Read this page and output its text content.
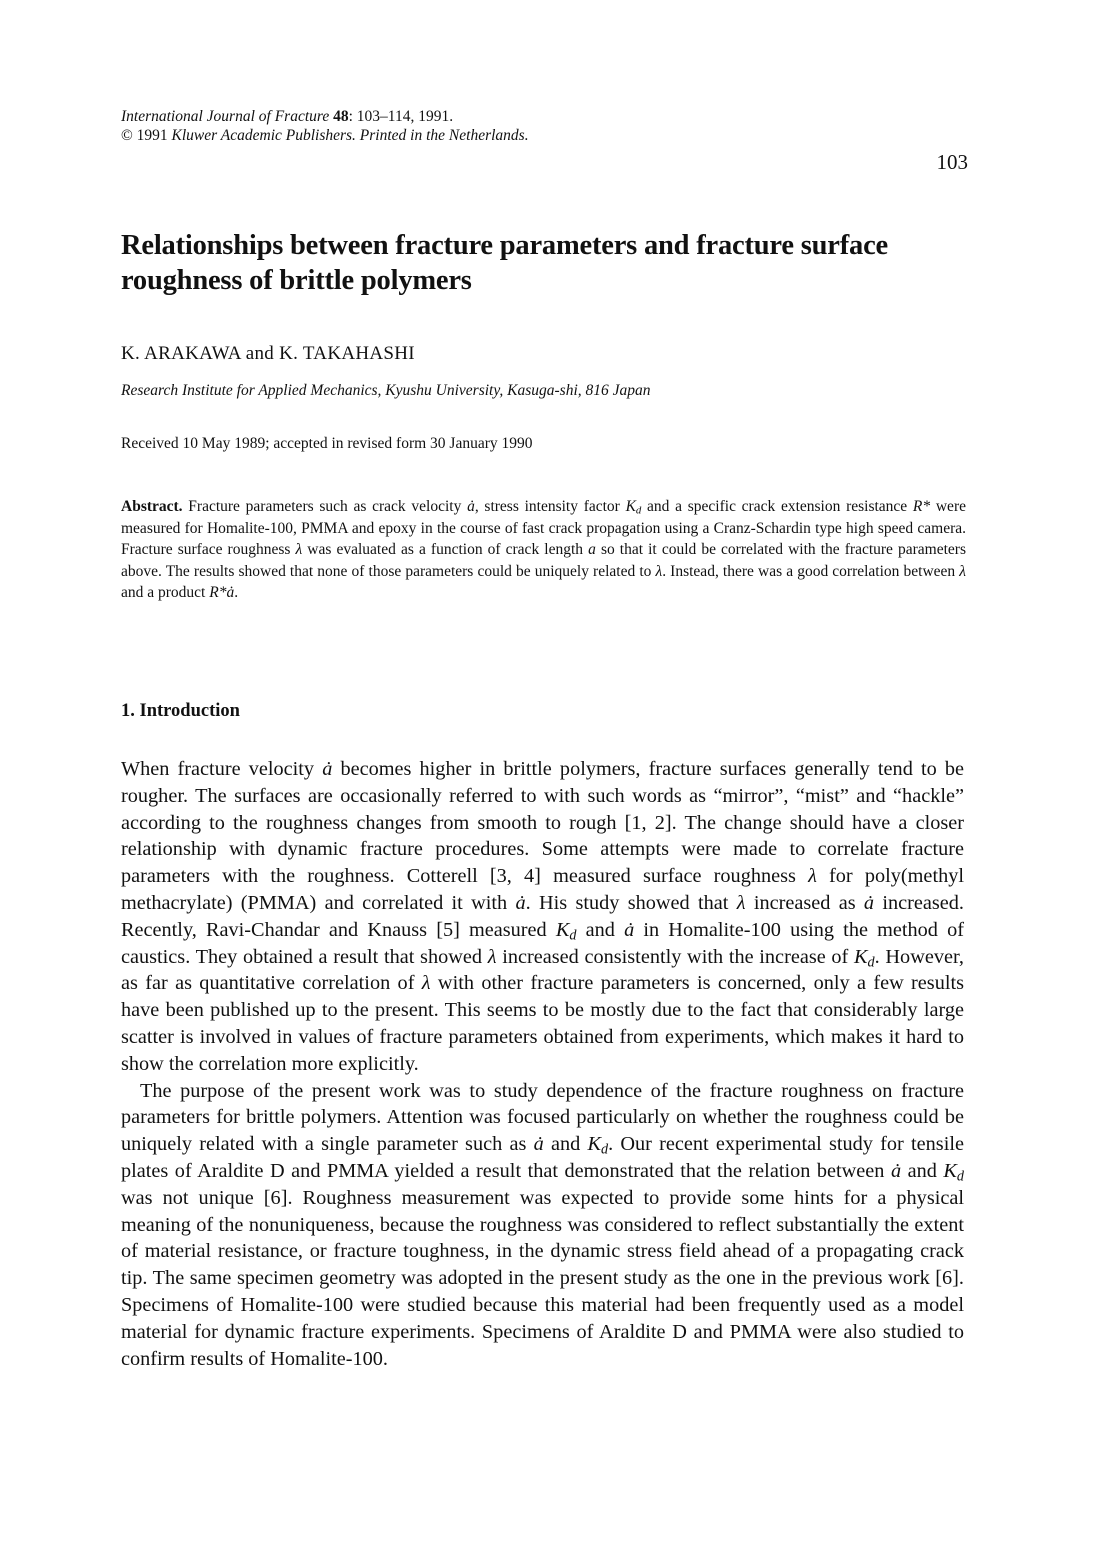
International Journal of Fracture 48: 103–114, 1991.
© 1991 Kluwer Academic Publishers. Printed in the Netherlands.
103
Relationships between fracture parameters and fracture surface roughness of brittle polymers
K. ARAKAWA and K. TAKAHASHI
Research Institute for Applied Mechanics, Kyushu University, Kasuga-shi, 816 Japan
Received 10 May 1989; accepted in revised form 30 January 1990

Abstract. Fracture parameters such as crack velocity ȧ, stress intensity factor $K_d$ and a specific crack extension resistance R* were measured for Homalite-100, PMMA and epoxy in the course of fast crack propagation using a Cranz-Schardin type high speed camera. Fracture surface roughness λ was evaluated as a function of crack length a so that it could be correlated with the fracture parameters above. The results showed that none of those parameters could be uniquely related to λ. Instead, there was a good correlation between λ and a product R*ȧ.

1. Introduction

When fracture velocity ȧ becomes higher in brittle polymers, fracture surfaces generally tend to be rougher. The surfaces are occasionally referred to with such words as “mirror”, “mist” and “hackle” according to the roughness changes from smooth to rough [1, 2]. The change should have a closer relationship with dynamic fracture procedures. Some attempts were made to correlate fracture parameters with the roughness. Cotterell [3, 4] measured surface roughness λ for poly(methyl methacrylate) (PMMA) and correlated it with ȧ. His study showed that λ increased as ȧ increased. Recently, Ravi-Chandar and Knauss [5] measured $K_d$ and ȧ in Homalite-100 using the method of caustics. They obtained a result that showed λ increased consistently with the increase of $K_d$. However, as far as quantitative correlation of λ with other fracture parameters is concerned, only a few results have been published up to the present. This seems to be mostly due to the fact that considerably large scatter is involved in values of fracture parameters obtained from experiments, which makes it hard to show the correlation more explicitly.

The purpose of the present work was to study dependence of the fracture roughness on fracture parameters for brittle polymers. Attention was focused particularly on whether the roughness could be uniquely related with a single parameter such as ȧ and $K_d$. Our recent experimental study for tensile plates of Araldite D and PMMA yielded a result that demonstrated that the relation between ȧ and $K_d$ was not unique [6]. Roughness measurement was expected to provide some hints for a physical meaning of the nonuniqueness, because the roughness was considered to reflect substantially the extent of material resistance, or fracture toughness, in the dynamic stress field ahead of a propagating crack tip. The same specimen geometry was adopted in the present study as the one in the previous work [6]. Specimens of Homalite-100 were studied because this material had been frequently used as a model material for dynamic fracture experiments. Specimens of Araldite D and PMMA were also studied to confirm results of Homalite-100.
